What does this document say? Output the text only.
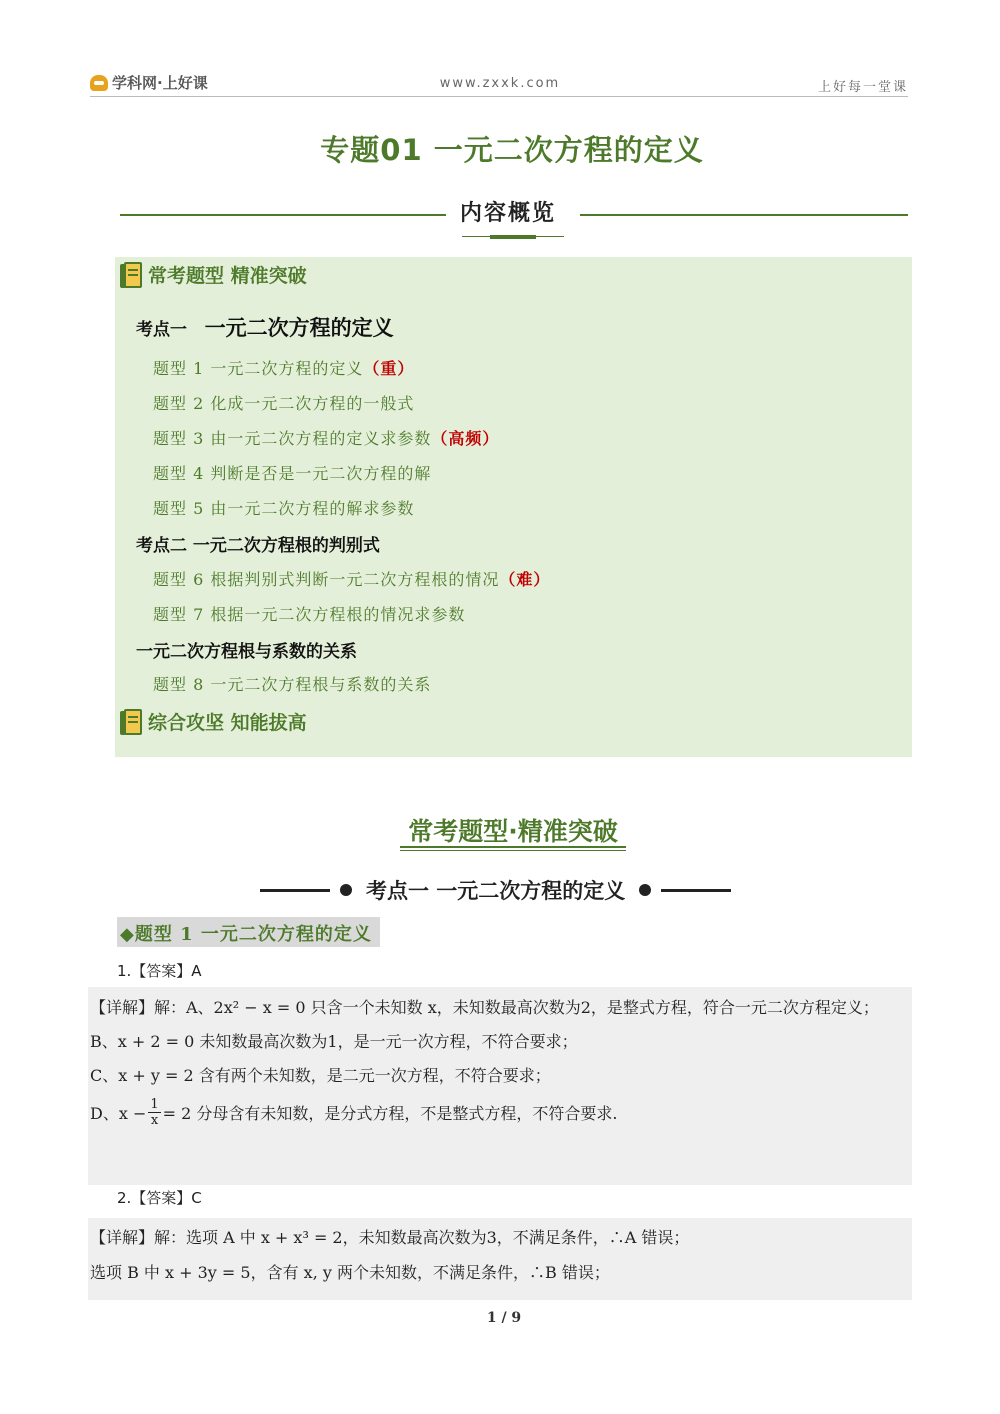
学科网·上好课	www.zxxk.com	上好每一堂课
专题01 一元二次方程的定义
内容概览
常考题型 精准突破
考点一 一元二次方程的定义
题型 1 一元二次方程的定义（重）
题型 2 化成一元二次方程的一般式
题型 3 由一元二次方程的定义求参数（高频）
题型 4 判断是否是一元二次方程的解
题型 5 由一元二次方程的解求参数
考点二 一元二次方程根的判别式
题型 6 根据判别式判断一元二次方程根的情况（难）
题型 7 根据一元二次方程根的情况求参数
一元二次方程根与系数的关系
题型 8 一元二次方程根与系数的关系
综合攻坚 知能拔高
常考题型·精准突破
考点一 一元二次方程的定义
◆题型 1 一元二次方程的定义
1.【答案】A
【详解】解：A、2x² − x = 0 只含一个未知数 x，未知数最高次数为2，是整式方程，符合一元二次方程定义；
B、x + 2 = 0 未知数最高次数为1，是一元一次方程，不符合要求；
C、x + y = 2 含有两个未知数，是二元一次方程，不符合要求；
D、$x - \frac{1}{x} = 2$ 分母含有未知数，是分式方程，不是整式方程，不符合要求.
2.【答案】C
【详解】解：选项 A 中 x + x³ = 2，未知数最高次数为3，不满足条件，∴A 错误；
选项 B 中 x + 3y = 5，含有 x, y 两个未知数，不满足条件，∴B 错误；
1 / 9
